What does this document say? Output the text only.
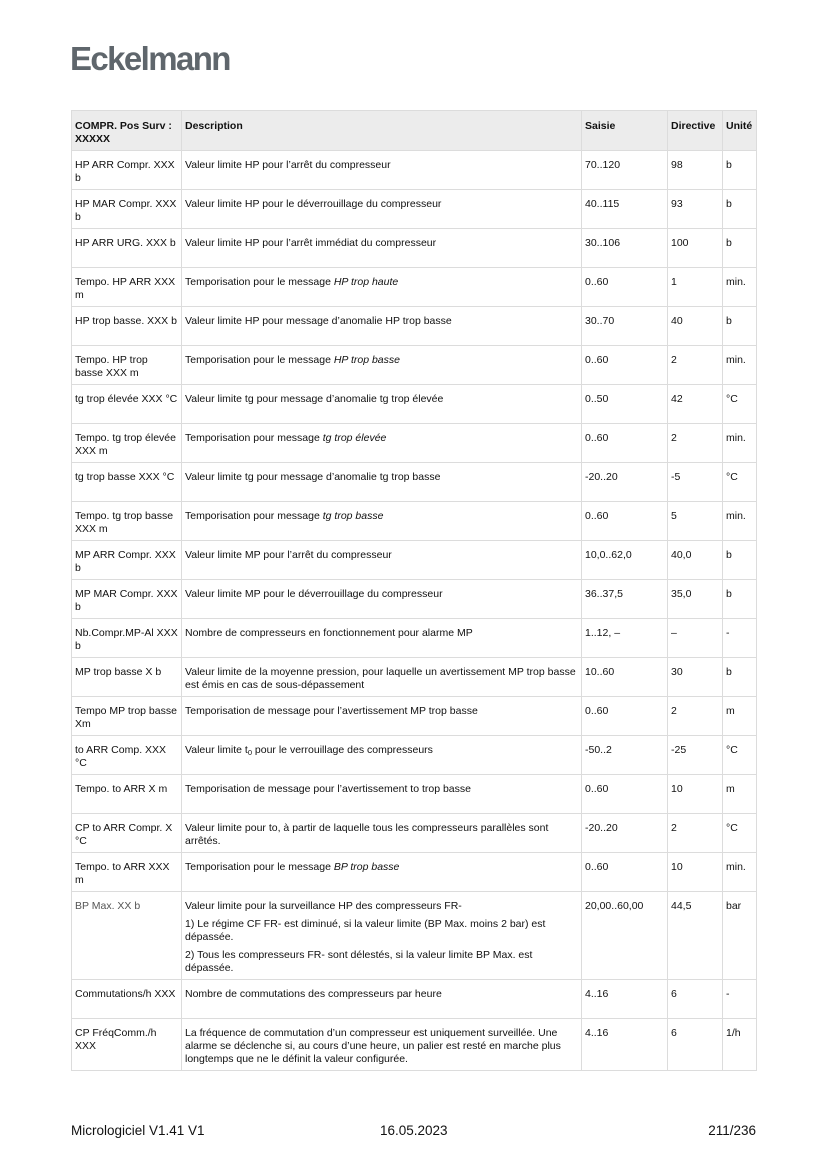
Eckelmann
COMPR. Pos Surv : XXXXX	Description	Saisie	Directive	Unité
HP ARR Compr. XXX b	Valeur limite HP pour l’arrêt du compresseur	70..120	98	b
HP MAR Compr. XXX b	Valeur limite HP pour le déverrouillage du compresseur	40..115	93	b
HP ARR URG. XXX b	Valeur limite HP pour l’arrêt immédiat du compresseur	30..106	100	b
Tempo. HP ARR XXX m	Temporisation pour le message HP trop haute	0..60	1	min.
HP trop basse. XXX b	Valeur limite HP pour message d’anomalie HP trop basse	30..70	40	b
Tempo. HP trop basse XXX m	Temporisation pour le message HP trop basse	0..60	2	min.
tg trop élevée XXX °C	Valeur limite tg pour message d’anomalie tg trop élevée	0..50	42	°C
Tempo. tg trop élevée XXX m	Temporisation pour message tg trop élevée	0..60	2	min.
tg trop basse XXX °C	Valeur limite tg pour message d’anomalie tg trop basse	-20..20	-5	°C
Tempo. tg trop basse XXX m	Temporisation pour message tg trop basse	0..60	5	min.
MP ARR Compr. XXX b	Valeur limite MP pour l’arrêt du compresseur	10,0..62,0	40,0	b
MP MAR Compr. XXX b	Valeur limite MP pour le déverrouillage du compresseur	36..37,5	35,0	b
Nb.Compr.MP-Al XXX b	Nombre de compresseurs en fonctionnement pour alarme MP	1..12, –	–	-
MP trop basse X b	Valeur limite de la moyenne pression, pour laquelle un avertissement MP trop basse est émis en cas de sous-dépassement	10..60	30	b
Tempo MP trop basse Xm	Temporisation de message pour l’avertissement MP trop basse	0..60	2	m
to ARR Comp. XXX °C	Valeur limite $t_0$ pour le verrouillage des compresseurs	-50..2	-25	°C
Tempo. to ARR X m	Temporisation de message pour l’avertissement to trop basse	0..60	10	m
CP to ARR Compr. X °C	Valeur limite pour to, à partir de laquelle tous les compresseurs parallèles sont arrêtés.	-20..20	2	°C
Tempo. to ARR XXX m	Temporisation pour le message BP trop basse	0..60	10	min.
BP Max. XX b	Valeur limite pour la surveillance HP des compresseurs FR-
1) Le régime CF FR- est diminué, si la valeur limite (BP Max. moins 2 bar) est dépassée.
2) Tous les compresseurs FR- sont délestés, si la valeur limite BP Max. est dépassée.	20,00..60,00	44,5	bar
Commutations/h XXX	Nombre de commutations des compresseurs par heure	4..16	6	-
CP FréqComm./h XXX	La fréquence de commutation d’un compresseur est uniquement surveillée. Une alarme se déclenche si, au cours d’une heure, un palier est resté en marche plus longtemps que ne le définit la valeur configurée.	4..16	6	1/h
Micrologiciel V1.41 V1	16.05.2023	211/236
